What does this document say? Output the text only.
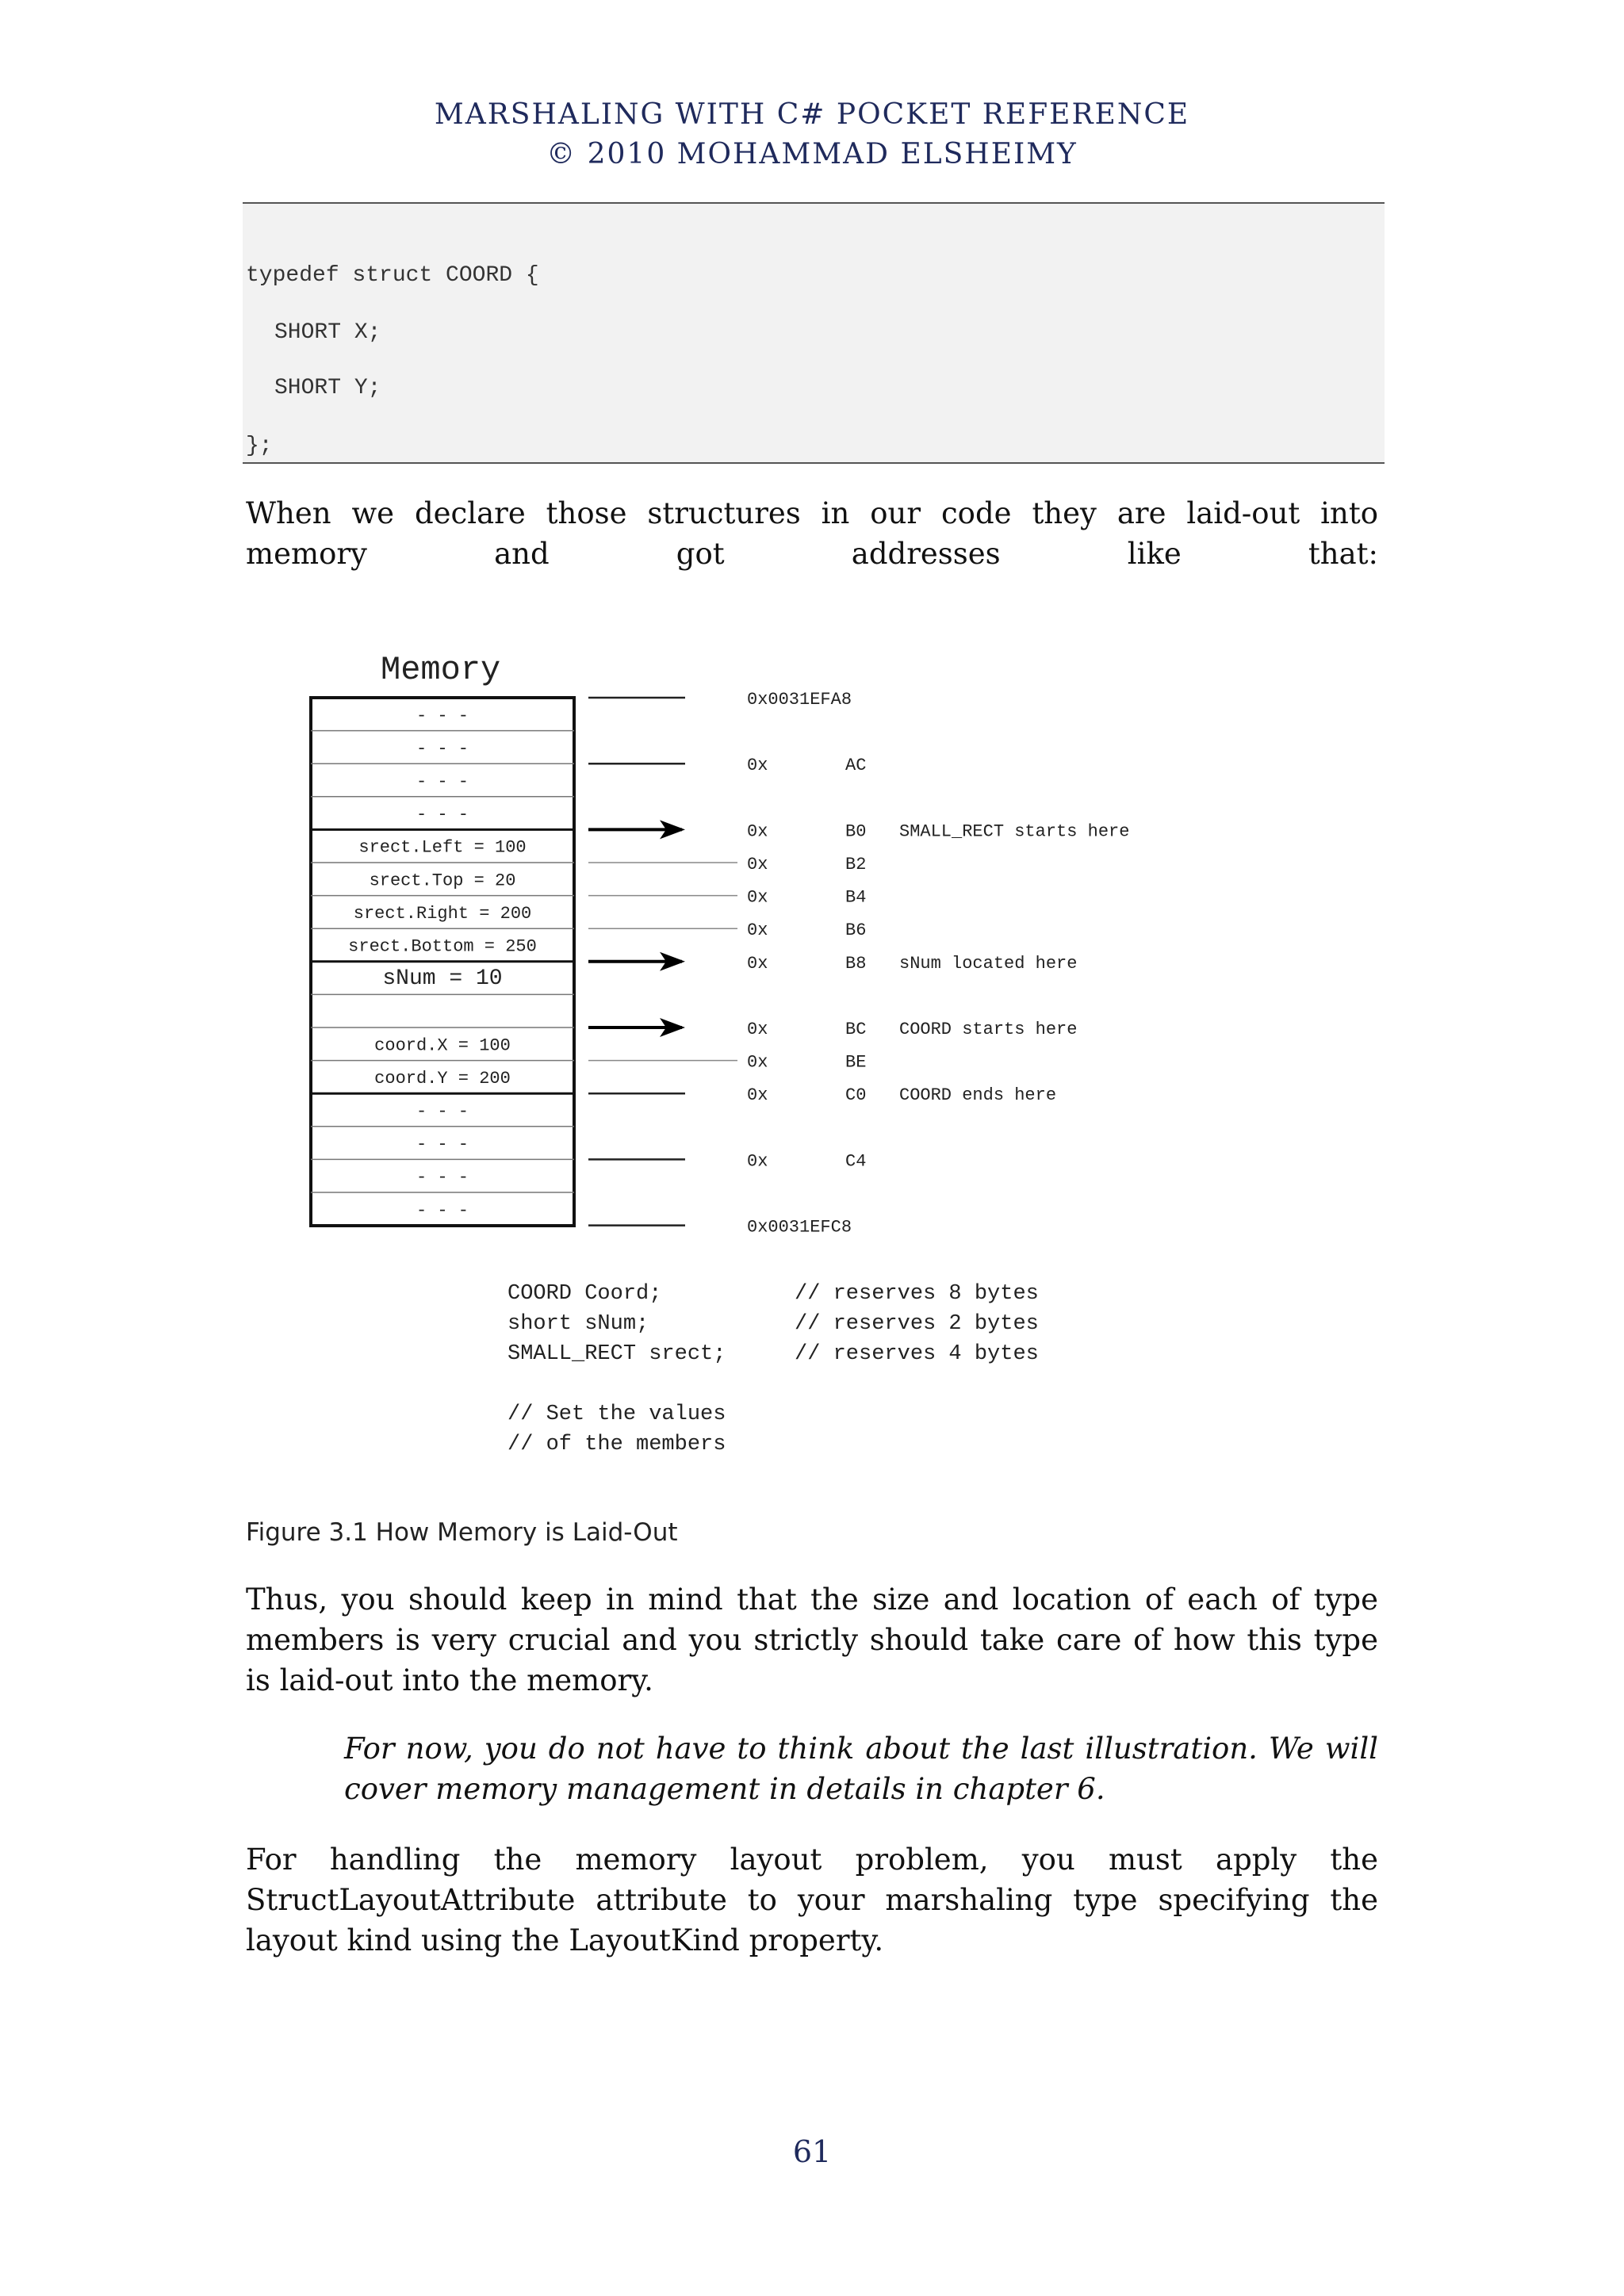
MARSHALING WITH C# POCKET REFERENCE
© 2010 MOHAMMAD ELSHEIMY
typedef struct COORD {
SHORT X;
SHORT Y;
};
When we declare those structures in our code they are laid-out into memory and got addresses like that:
Memory
- - -
- - -
- - -
- - -
srect.Left = 100
srect.Top = 20
srect.Right = 200
srect.Bottom = 250
sNum = 10
coord.X = 100
coord.Y = 200
- - -
- - -
- - -
- - -
0x0031EFA8
0x	AC
0x	B0 SMALL_RECT starts here
0x	B2
0x	B4
0x	B6
0x	B8 sNum located here
0x	BC COORD starts here
0x	BE
0x	C0 COORD ends here
0x	C4
0x0031EFC8
COORD Coord;	// reserves 8 bytes
short sNum;	// reserves 2 bytes
SMALL_RECT srect;	// reserves 4 bytes
// Set the values
// of the members
Figure 3.1 How Memory is Laid-Out
Thus, you should keep in mind that the size and location of each of type members is very crucial and you strictly should take care of how this type is laid-out into the memory.
For now, you do not have to think about the last illustration. We will cover memory management in details in chapter 6.
For handling the memory layout problem, you must apply the StructLayoutAttribute attribute to your marshaling type specifying the layout kind using the LayoutKind property.
61
